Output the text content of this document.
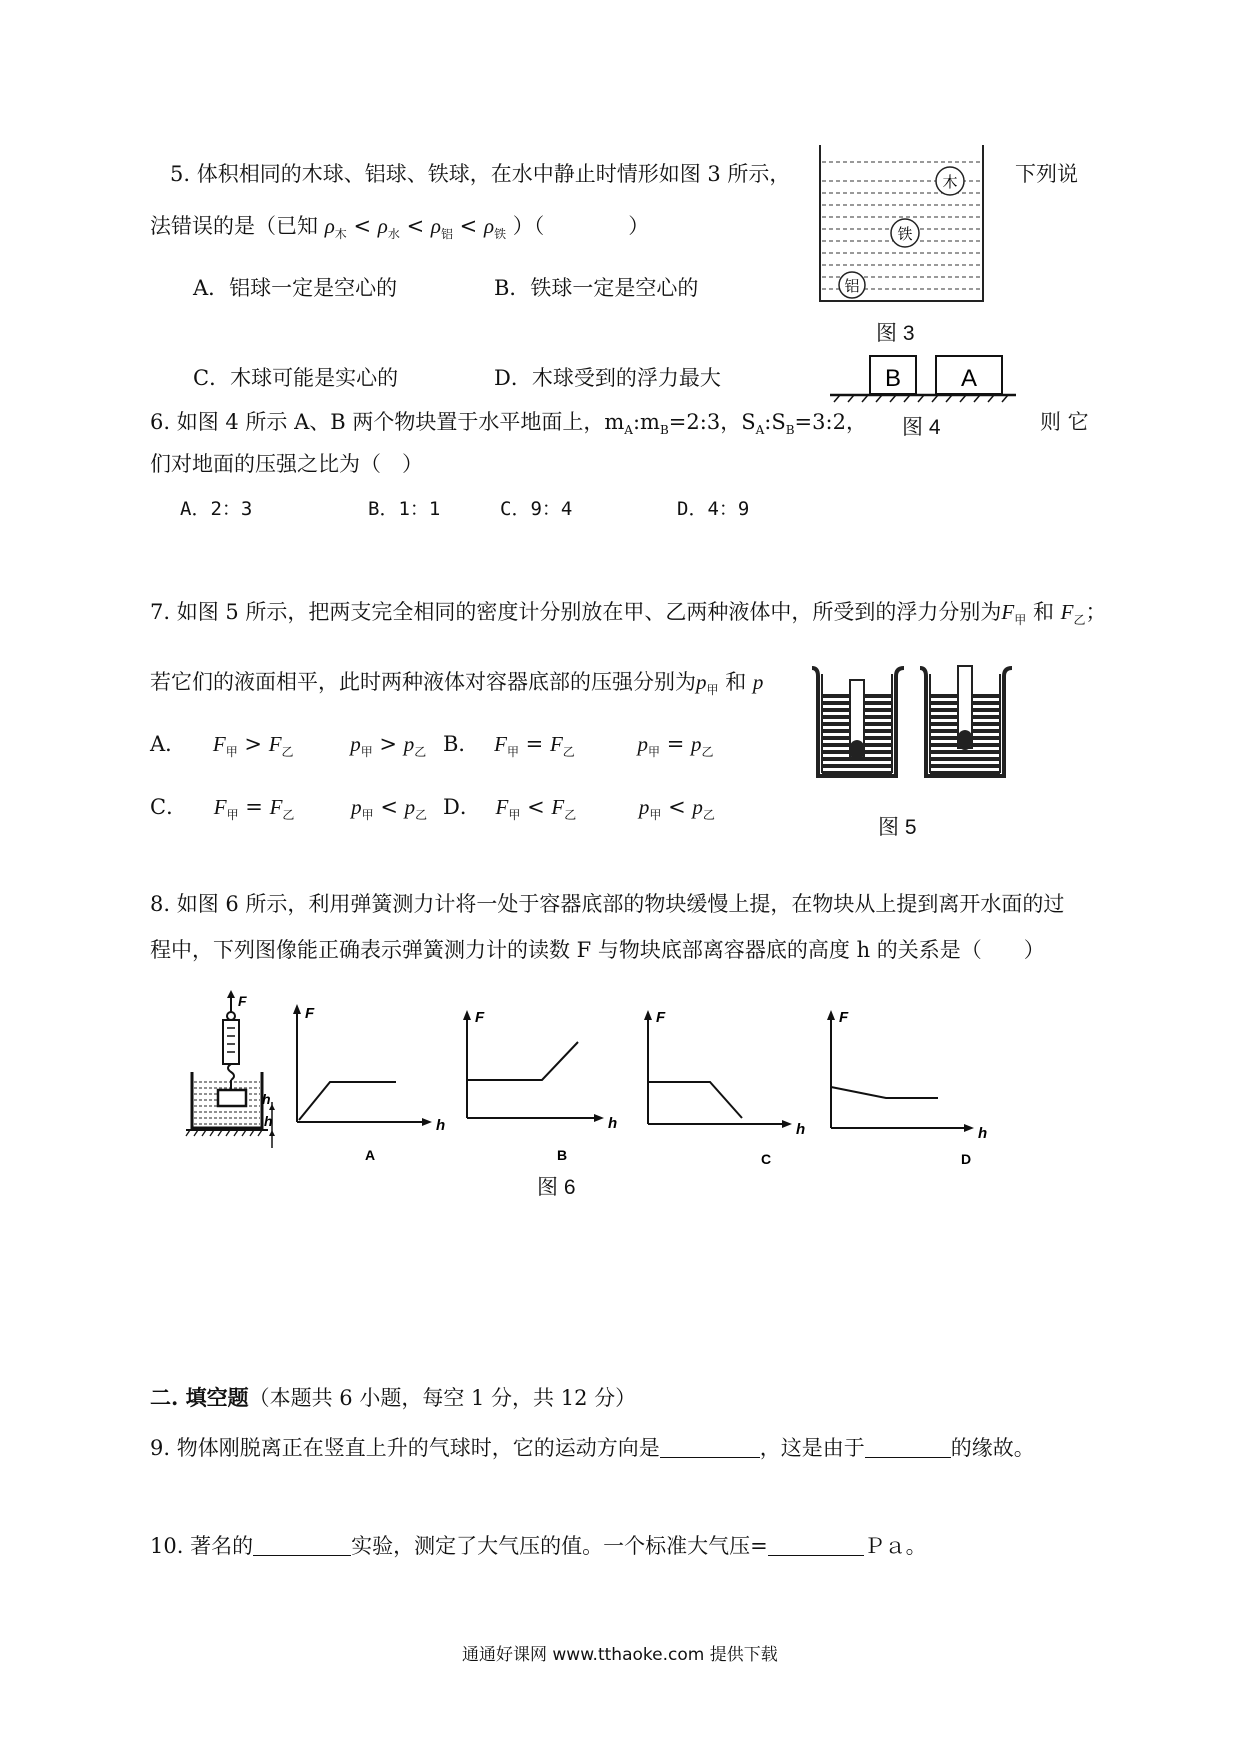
5. 体积相同的木球、铝球、铁球，在水中静止时情形如图 3 所示，	下列说
法错误的是（已知 $\rho_木 < \rho_水 < \rho_铝 < \rho_铁$ ）（　　　　）
A．铝球一定是空心的	B．铁球一定是空心的
C．木球可能是实心的	D．木球受到的浮力最大
木
铁
铝
图 3
6. 如图 4 所示 A、B 两个物块置于水平地面上，$m_A:m_B=2:3$，$S_A:S_B=3:2$，	则 它
们对地面的压强之比为（　）
A．2：3	B．1：1	C．9：4	D．4：9
B A
图 4
7. 如图 5 所示，把两支完全相同的密度计分别放在甲、乙两种液体中，所受到的浮力分别为$F_甲$ 和 $F_乙$；
若它们的液面相平，此时两种液体对容器底部的压强分别为$p_甲$ 和 p
A． $F_甲 > F_乙$	$p_甲 > p_乙$ B． $F_甲 = F_乙$	$p_甲 = p_乙$
C． $F_甲 = F_乙$	$p_甲 < p_乙$ D． $F_甲 < F_乙$	$p_甲 < p_乙$
图 5
8. 如图 6 所示，利用弹簧测力计将一处于容器底部的物块缓慢上提，在物块从上提到离开水面的过
程中，下列图像能正确表示弹簧测力计的读数 F 与物块底部离容器底的高度 h 的关系是（　　）
F
h
h
F
h
A
F
h
B
F
h
C
F
h
D
图 6
二. 填空题（本题共 6 小题，每空 1 分，共 12 分）
9. 物体刚脱离正在竖直上升的气球时，它的运动方向是	，这是由于	的缘故。
10. 著名的	实验，测定了大气压的值。一个标准大气压=	Ｐａ。
通通好课网 www.tthaoke.com 提供下载
